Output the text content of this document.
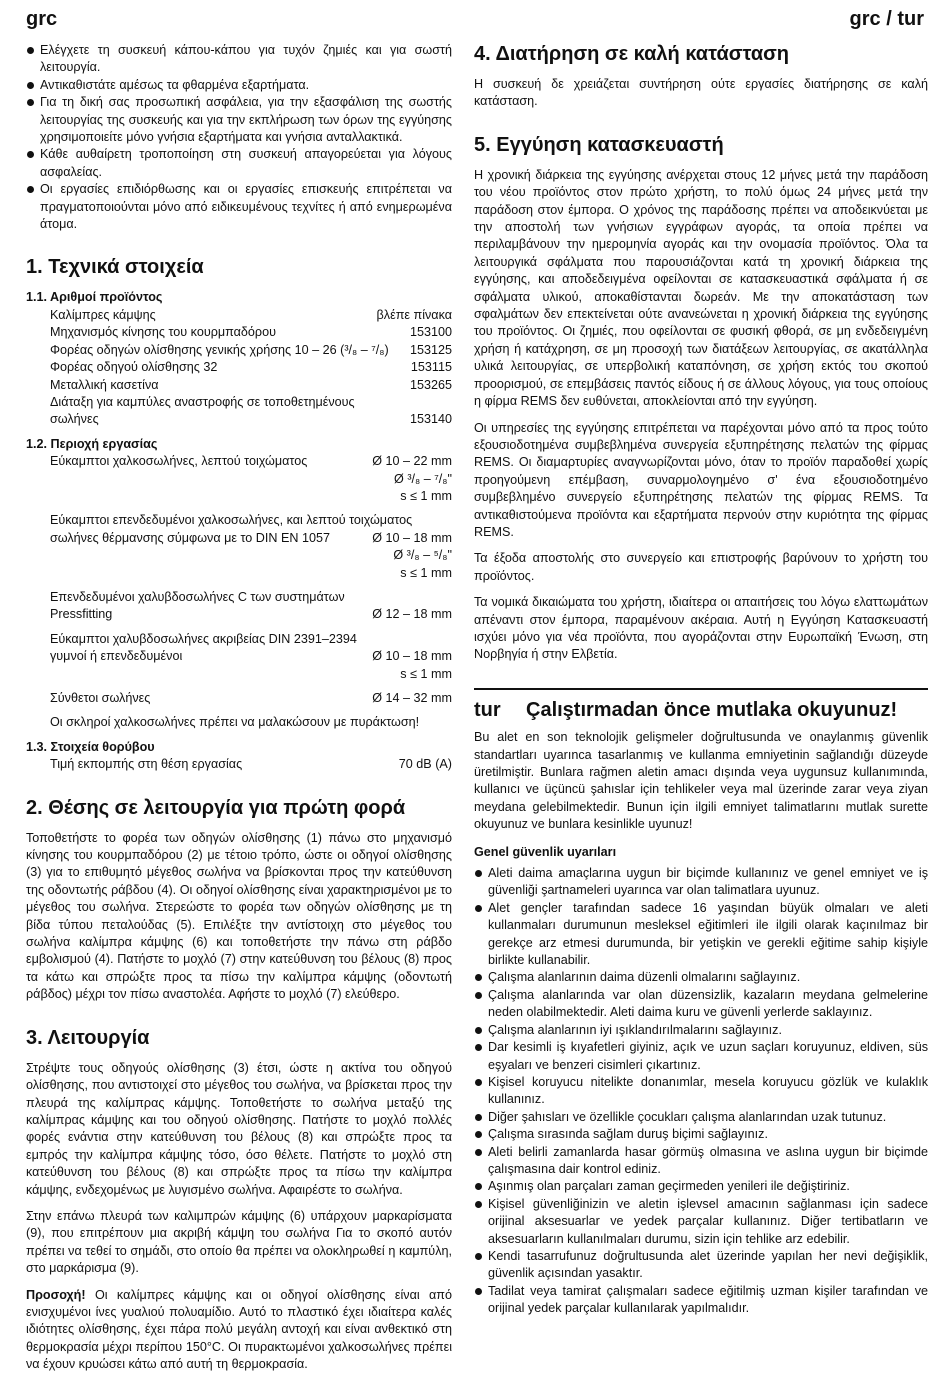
grc	grc / tur
Ελέγχετε τη συσκευή κάπου-κάπου για τυχόν ζημιές και για σωστή λειτουργία.
Αντικαθιστάτε αμέσως τα φθαρμένα εξαρτήματα.
Για τη δική σας προσωπική ασφάλεια, για την εξασφάλιση της σωστής λειτουργίας της συσκευής και για την εκπλήρωση των όρων της εγγύησης χρησιμοποιείτε μόνο γνήσια εξαρτήματα και γνήσια ανταλλακτικά.
Κάθε αυθαίρετη τροποποίηση στη συσκευή απαγορεύεται για λόγους ασφαλείας.
Οι εργασίες επιδιόρθωσης και οι εργασίες επισκευής επιτρέπεται να πραγματοποιούνται μόνο από ειδικευμένους τεχνίτες ή από ενημερωμένα άτομα.
1. Τεχνικά στοιχεία
1.1. Αριθμοί προϊόντος
Καλίμπρες κάμψης	βλέπε πίνακα
Μηχανισμός κίνησης του κουρμπαδόρου	153100
Φορέας οδηγών ολίσθησης γενικής χρήσης 10 – 26 (³/₈ – ⁷/₈) 153125
Φορέας οδηγού ολίσθησης 32	153115
Μεταλλική κασετίνα	153265
Διάταξη για καμπύλες αναστροφής σε τοποθετημένους
σωλήνες	153140
1.2. Περιοχή εργασίας
Εύκαμπτοι χαλκοσωλήνες, λεπτού τοιχώματος	Ø 10 – 22 mm
Ø ³/₈ – ⁷/₈"
s ≤ 1 mm
Εύκαμπτοι επενδεδυμένοι χαλκοσωλήνες, και λεπτού τοιχώματος
σωλήνες θέρμανσης σύμφωνα με το DIN EN 1057	Ø 10 – 18 mm
Ø ³/₈ – ⁵/₈"
s ≤ 1 mm
Επενδεδυμένοι χαλυβδοσωλήνες C των συστημάτων
Pressfitting	Ø 12 – 18 mm
Εύκαμπτοι χαλυβδοσωλήνες ακριβείας DIN 2391–2394
γυμνοί ή επενδεδυμένοι	Ø 10 – 18 mm
s ≤ 1 mm
Σύνθετοι σωλήνες	Ø 14 – 32 mm
Οι σκληροί χαλκοσωλήνες πρέπει να μαλακώσουν με πυράκτωση!
1.3. Στοιχεία θορύβου
Τιμή εκπομπής στη θέση εργασίας	70 dB (A)
2. Θέσης σε λειτουργία για πρώτη φορά

Τοποθετήστε το φορέα των οδηγών ολίσθησης (1) πάνω στο μηχανισμό κίνησης του κουρμπαδόρου (2) με τέτοιο τρόπο, ώστε οι οδηγοί ολίσθησης (3) για το επιθυμητό μέγεθος σωλήνα να βρίσκονται προς την κατεύθυνση της οδοντωτής ράβδου (4). Οι οδηγοί ολίσθησης είναι χαρακτηρισμένοι με το μέγεθος του σωλήνα. Στερεώστε το φορέα των οδηγών ολίσθησης με τη βίδα τύπου πεταλούδας (5). Επιλέξτε την αντίστοιχη στο μέγεθος του σωλήνα καλίμπρα κάμψης (6) και τοποθετήστε την πάνω στη ράβδο εμβολισμού (4). Πατήστε το μοχλό (7) στην κατεύθυνση του βέλους (8) προς τα κάτω και σπρώξτε προς τα πίσω την καλίμπρα κάμψης (οδοντωτή ράβδος) μέχρι τον πίσω αναστολέα. Αφήστε το μοχλό (7) ελεύθερο.

3. Λειτουργία

Στρέψτε τους οδηγούς ολίσθησης (3) έτσι, ώστε η ακτίνα του οδηγού ολίσθησης, που αντιστοιχεί στο μέγεθος του σωλήνα, να βρίσκεται προς την πλευρά της καλίμπρας κάμψης. Τοποθετήστε το σωλήνα μεταξύ της καλίμπρας κάμψης και του οδηγού ολίσθησης. Πατήστε το μοχλό πολλές φορές ενάντια στην κατεύθυνση του βέλους (8) και σπρώξτε προς τα εμπρός την καλίμπρα κάμψης τόσο, όσο θέλετε. Πατήστε το μοχλό στη κατεύθυνση του βέλους (8) και σπρώξτε προς τα πίσω την καλίμπρα κάμψης, ενδεχομένως με λυγισμένο σωλήνα. Αφαιρέστε το σωλήνα.

Στην επάνω πλευρά των καλιμπρών κάμψης (6) υπάρχουν μαρκαρίσματα (9), που επιτρέπουν μια ακριβή κάμψη του σωλήνα Για το σκοπό αυτόν πρέπει να τεθεί το σημάδι, στο οποίο θα πρέπει να ολοκληρωθεί η καμπύλη, στο μαρκάρισμα (9).

Προσοχή! Οι καλίμπρες κάμψης και οι οδηγοί ολίσθησης είναι από ενισχυμένοι ίνες γυαλιού πολυαμίδιο. Αυτό το πλαστικό έχει ιδιαίτερα καλές ιδιότητες ολίσθησης, έχει πάρα πολύ μεγάλη αντοχή και είναι ανθεκτικό στη θερμοκρασία μέχρι περίπου 150°C. Οι πυρακτωμένοι χαλκοσωλήνες πρέπει να έχουν κρυώσει κάτω από αυτή τη θερμοκρασία.

4. Διατήρηση σε καλή κατάσταση

Η συσκευή δε χρειάζεται συντήρηση ούτε εργασίες διατήρησης σε καλή κατάσταση.

5. Εγγύηση κατασκευαστή

Η χρονική διάρκεια της εγγύησης ανέρχεται στους 12 μήνες μετά την παράδοση του νέου προϊόντος στον πρώτο χρήστη, το πολύ όμως 24 μήνες μετά την παράδοση στον έμπορα. Ο χρόνος της παράδοσης πρέπει να αποδεικνύεται με την αποστολή των γνήσιων εγγράφων αγοράς, τα οποία πρέπει να περιλαμβάνουν την ημερομηνία αγοράς και την ονομασία προϊόντος. Όλα τα λειτουργικά σφάλματα που παρουσιάζονται κατά τη χρονική διάρκεια της εγγύησης, και αποδεδειγμένα οφείλονται σε κατασκευαστικά σφάλματα ή σε σφάλματα υλικού, αποκαθίστανται δωρεάν. Με την αποκατάσταση των σφαλμάτων δεν επεκτείνεται ούτε ανανεώνεται η χρονική διάρκεια της εγγύησης του προϊόντος. Οι ζημιές, που οφείλονται σε φυσική φθορά, σε μη ενδεδειγμένη χρήση ή κατάχρηση, σε μη προσοχή των διατάξεων λειτουργίας, σε ακατάλληλα υλικά λειτουργίας, σε υπερβολική καταπόνηση, σε χρήση εκτός του σκοπού προορισμού, σε επεμβάσεις παντός είδους ή σε άλλους λόγους, για τους οποίους η φίρμα REMS δεν ευθύνεται, αποκλείονται από την εγγύηση.

Οι υπηρεσίες της εγγύησης επιτρέπεται να παρέχονται μόνο από τα προς τούτο εξουσιοδοτημένα συμβεβλημένα συνεργεία εξυπηρέτησης πελατών της φίρμας REMS. Οι διαμαρτυρίες αναγνωρίζονται μόνο, όταν το προϊόν παραδοθεί χωρίς προηγούμενη επέμβαση, συναρμολογημένο σ' ένα εξουσιοδοτημένο συμβεβλημένο συνεργείο εξυπηρέτησης πελατών της φίρμας REMS. Τα αντικαθιστούμενα προϊόντα και εξαρτήματα περνούν στην κυριότητα της φίρμας REMS.

Τα έξοδα αποστολής στο συνεργείο και επιστροφής βαρύνουν το χρήστη του προϊόντος.

Τα νομικά δικαιώματα του χρήστη, ιδιαίτερα οι απαιτήσεις του λόγω ελαττωμάτων απέναντι στον έμπορα, παραμένουν ακέραια. Αυτή η Εγγύηση Κατασκευαστή ισχύει μόνο για νέα προϊόντα, που αγοράζονται στην Ευρωπαϊκή Ένωση, στη Νορβηγία ή στην Ελβετία.

tur	Çalıştırmadan önce mutlaka okuyunuz!

Bu alet en son teknolojik gelişmeler doğrultusunda ve onaylanmış güvenlik standartları uyarınca tasarlanmış ve kullanma emniyetinin sağlandığı düzeyde üretilmiştir. Bunlara rağmen aletin amacı dışında veya uygunsuz kullanımında, kullanıcı ve üçüncü şahıslar için tehlikeler veya mal üzerinde zarar veya ziyan meydana gelebilmektedir. Bunun için ilgili emniyet talimatlarını mutlak surette okuyunuz ve bunlara kesinlikle uyunuz!

Genel güvenlik uyarıları
Aleti daima amaçlarına uygun bir biçimde kullanınız ve genel emniyet ve iş güvenliği şartnameleri uyarınca var olan talimatlara uyunuz.
Alet gençler tarafından sadece 16 yaşından büyük olmaları ve aleti kullanmaları durumunun mesleksel eğitimleri ile ilgili olarak kaçınılmaz bir gerekçe arz etmesi durumunda, bir yetişkin ve gerekli eğitime sahip kişiyle birlikte kullanabilir.
Çalışma alanlarının daima düzenli olmalarını sağlayınız.
Çalışma alanlarında var olan düzensizlik, kazaların meydana gelmelerine neden olabilmektedir. Aleti daima kuru ve güvenli yerlerde saklayınız.
Çalışma alanlarının iyi ışıklandırılmalarını sağlayınız.
Dar kesimli iş kıyafetleri giyiniz, açık ve uzun saçları koruyunuz, eldiven, süs eşyaları ve benzeri cisimleri çıkartınız.
Kişisel koruyucu nitelikte donanımlar, mesela koruyucu gözlük ve kulaklık kullanınız.
Diğer şahısları ve özellikle çocukları çalışma alanlarından uzak tutunuz.
Çalışma sırasında sağlam duruş biçimi sağlayınız.
Aleti belirli zamanlarda hasar görmüş olmasına ve aslına uygun bir biçimde çalışmasına dair kontrol ediniz.
Aşınmış olan parçaları zaman geçirmeden yenileri ile değiştiriniz.
Kişisel güvenliğinizin ve aletin işlevsel amacının sağlanması için sadece orijinal aksesuarlar ve yedek parçalar kullanınız. Diğer tertibatların ve aksesuarların kullanılmaları durumu, sizin için tehlike arz edebilir.
Kendi tasarrufunuz doğrultusunda alet üzerinde yapılan her nevi değişiklik, güvenlik açısından yasaktır.
Tadilat veya tamirat çalışmaları sadece eğitilmiş uzman kişiler tarafından ve orijinal yedek parçalar kullanılarak yapılmalıdır.
